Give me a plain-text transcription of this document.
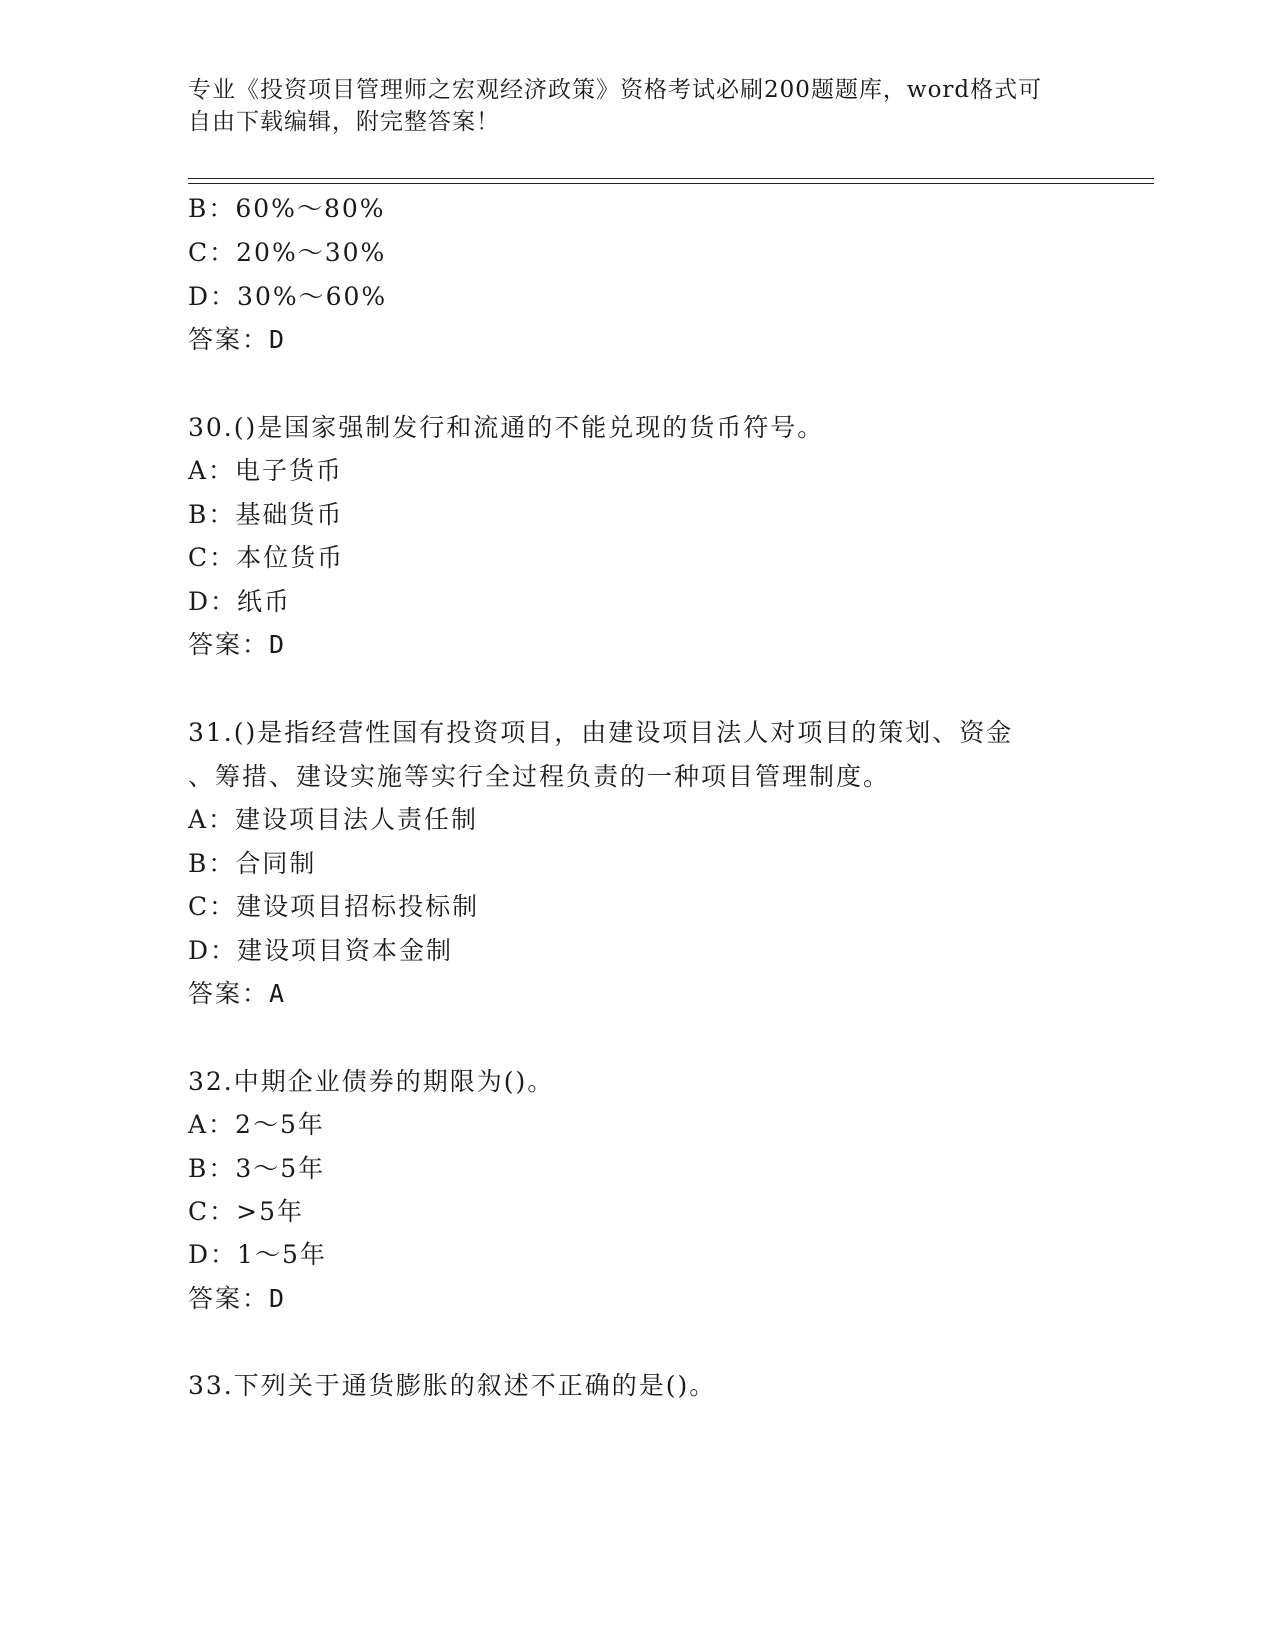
专业《投资项目管理师之宏观经济政策》资格考试必刷200题题库，word格式可
自由下载编辑，附完整答案！
B：60%～80%
C：20%～30%
D：30%～60%
答案：D
30.()是国家强制发行和流通的不能兑现的货币符号。
A：电子货币
B：基础货币
C：本位货币
D：纸币
答案：D
31.()是指经营性国有投资项目，由建设项目法人对项目的策划、资金
、筹措、建设实施等实行全过程负责的一种项目管理制度。
A：建设项目法人责任制
B：合同制
C：建设项目招标投标制
D：建设项目资本金制
答案：A
32.中期企业债券的期限为()。
A：2～5年
B：3～5年
C：>5年
D：1～5年
答案：D
33.下列关于通货膨胀的叙述不正确的是()。
